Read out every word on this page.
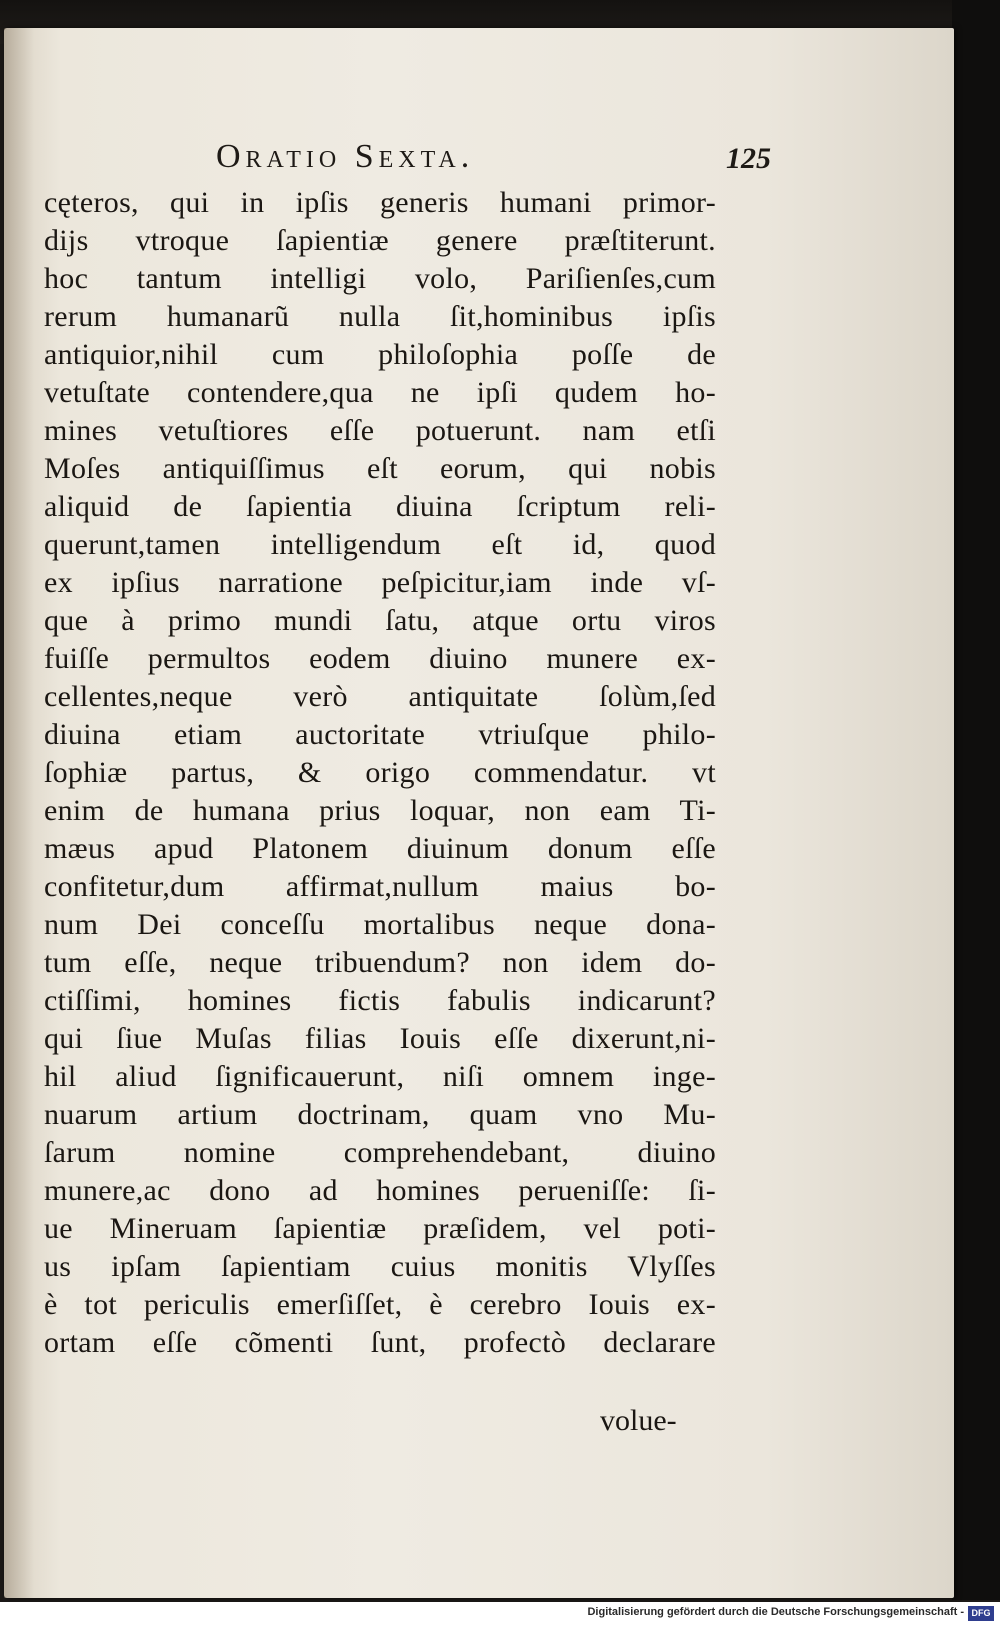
Oratio Sexta.	125
cęteros, qui in ipſis generis humani primor-
dijs vtroque ſapientiæ genere præſtiterunt.
hoc tantum intelligi volo, Pariſienſes,cum
rerum humanarũ nulla ſit,hominibus ipſis
antiquior,nihil cum philoſophia poſſe de
vetuſtate contendere,qua ne ipſi qudem ho-
mines vetuſtiores eſſe potuerunt. nam etſi
Moſes antiquiſſimus eſt eorum, qui nobis
aliquid de ſapientia diuina ſcriptum reli-
querunt,tamen intelligendum eſt id, quod
ex ipſius narratione peſpicitur,iam inde vſ-
que à primo mundi ſatu, atque ortu viros
fuiſſe permultos eodem diuino munere ex-
cellentes,neque verò antiquitate ſolùm,ſed
diuina etiam auctoritate vtriuſque philo-
ſophiæ partus, & origo commendatur. vt
enim de humana prius loquar, non eam Ti-
mæus apud Platonem diuinum donum eſſe
confitetur,dum affirmat,nullum maius bo-
num Dei conceſſu mortalibus neque dona-
tum eſſe, neque tribuendum? non idem do-
ctiſſimi, homines fictis fabulis indicarunt?
qui ſiue Muſas filias Iouis eſſe dixerunt,ni-
hil aliud ſignificauerunt, niſi omnem inge-
nuarum artium doctrinam, quam vno Mu-
ſarum nomine comprehendebant, diuino
munere,ac dono ad homines perueniſſe: ſi-
ue Mineruam ſapientiæ præſidem, vel poti-
us ipſam ſapientiam cuius monitis Vlyſſes
è tot periculis emerſiſſet, è cerebro Iouis ex-
ortam eſſe cõmenti ſunt, profectò declarare
volue-
Digitalisierung gefördert durch die Deutsche Forschungsgemeinschaft - DFG
